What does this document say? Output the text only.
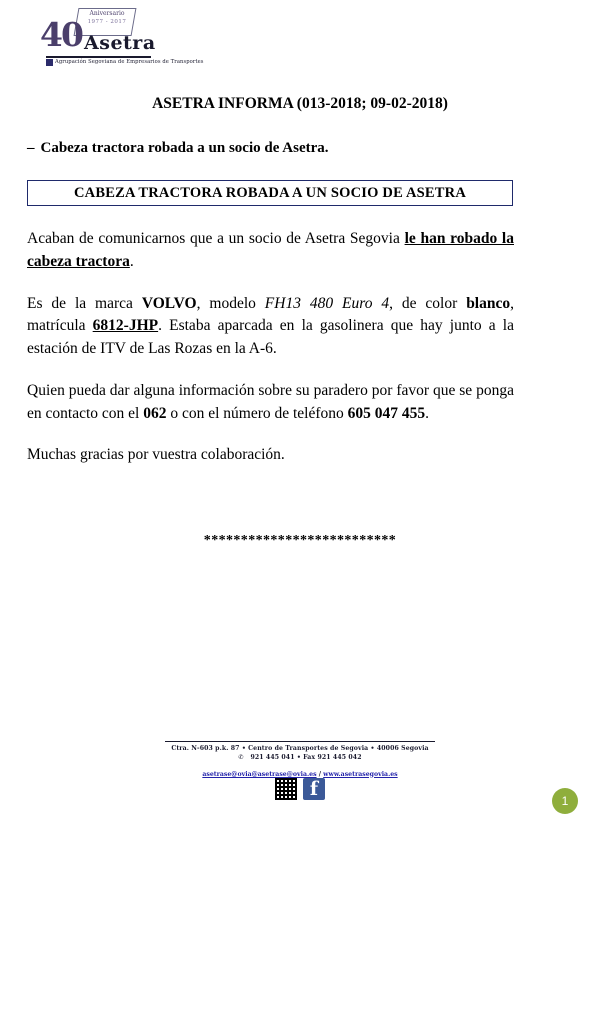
40
Aniversario
1977 - 2017
Asetra
Agrupación Segoviana de Empresarios de Transportes
ASETRA INFORMA (013-2018; 09-02-2018)
– Cabeza tractora robada a un socio de Asetra.
CABEZA TRACTORA ROBADA A UN SOCIO DE ASETRA

Acaban de comunicarnos que a un socio de Asetra Segovia le han robado la cabeza tractora.

Es de la marca VOLVO, modelo FH13 480 Euro 4, de color blanco, matrícula 6812-JHP. Estaba aparcada en la gasolinera que hay junto a la estación de ITV de Las Rozas en la A-6.

Quien pueda dar alguna información sobre su paradero por favor que se ponga en contacto con el 062 o con el número de teléfono 605 047 455.

Muchas gracias por vuestra colaboración.

**************************
Ctra. N-603 p.k. 87 • Centro de Transportes de Segovia • 40006 Segovia
✆ 921 445 041 • Fax 921 445 042
asetrase@ovia@asetrase@ovia.es / www.asetrasegovia.es
f
1
